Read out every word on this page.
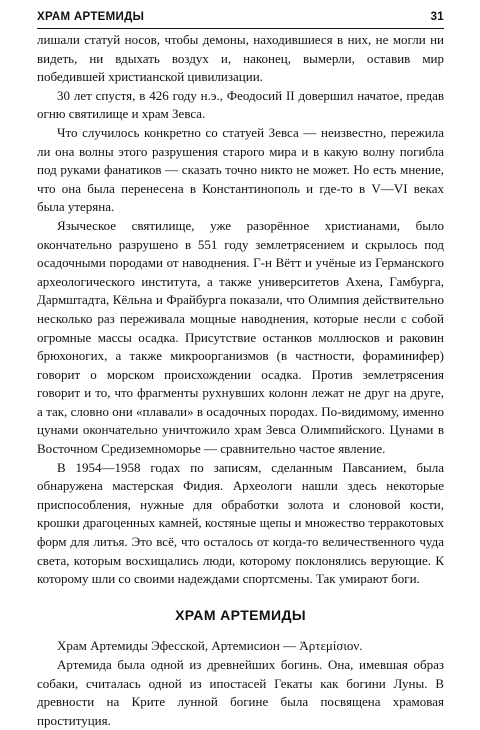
ХРАМ АРТЕМИДЫ	31

лишали статуй носов, чтобы демоны, находившиеся в них, не могли ни видеть, ни вдыхать воздух и, наконец, вымерли, оставив мир победившей христианской цивилизации.

30 лет спустя, в 426 году н.э., Феодосий II довершил начатое, предав огню святилище и храм Зевса.

Что случилось конкретно со статуей Зевса — неизвестно, пережила ли она волны этого разрушения старого мира и в какую волну погибла под руками фанатиков — сказать точно никто не может. Но есть мнение, что она была перенесена в Константинополь и где-то в V—VI веках была утеряна.

Языческое святилище, уже разорённое христианами, было окончательно разрушено в 551 году землетрясением и скрылось под осадочными породами от наводнения. Г-н Вётт и учёные из Германского археологического института, а также университетов Ахена, Гамбурга, Дармштадта, Кёльна и Фрайбурга показали, что Олимпия действительно несколько раз переживала мощные наводнения, которые несли с собой огромные массы осадка. Присутствие останков моллюсков и раковин брюхоногих, а также микроорганизмов (в частности, фораминифер) говорит о морском происхождении осадка. Против землетрясения говорит и то, что фрагменты рухнувших колонн лежат не друг на друге, а так, словно они «плавали» в осадочных породах. По-видимому, именно цунами окончательно уничтожило храм Зевса Олимпийского. Цунами в Восточном Средиземноморье — сравнительно частое явление.

В 1954—1958 годах по записям, сделанным Павсанием, была обнаружена мастерская Фидия. Археологи нашли здесь некоторые приспособления, нужные для обработки золота и слоновой кости, крошки драгоценных камней, костяные щепы и множество терракотовых форм для литья. Это всё, что осталось от когда-то величественного чуда света, которым восхищались люди, которому поклонялись верующие. К которому шли со своими надеждами спортсмены. Так умирают боги.

ХРАМ АРТЕМИДЫ

Храм Артемиды Эфесской, Артемисион — Ἀρτεμίσιον.

Артемида была одной из древнейших богинь. Она, имевшая образ собаки, считалась одной из ипостасей Гекаты как богини Луны. В древности на Крите лунной богине была посвящена храмовая проституция.
